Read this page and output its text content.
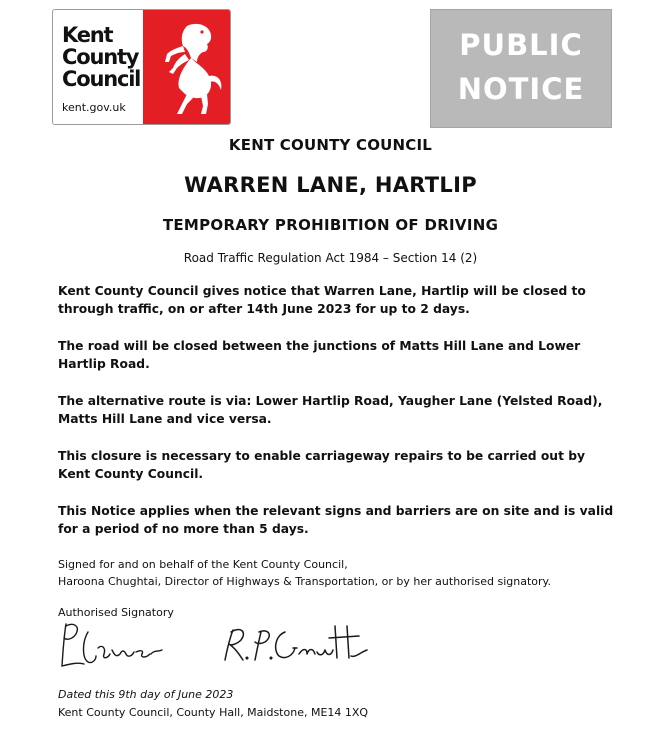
Kent
County
Council
kent.gov.uk
PUBLIC
NOTICE
KENT COUNTY COUNCIL
WARREN LANE, HARTLIP
TEMPORARY PROHIBITION OF DRIVING
Road Traffic Regulation Act 1984 – Section 14 (2)

Kent County Council gives notice that Warren Lane, Hartlip will be closed to through traffic, on or after 14th June 2023 for up to 2 days.

The road will be closed between the junctions of Matts Hill Lane and Lower Hartlip Road.

The alternative route is via: Lower Hartlip Road, Yaugher Lane (Yelsted Road), Matts Hill Lane and vice versa.

This closure is necessary to enable carriageway repairs to be carried out by Kent County Council.

This Notice applies when the relevant signs and barriers are on site and is valid for a period of no more than 5 days.

Signed for and on behalf of the Kent County Council,
Haroona Chughtai, Director of Highways & Transportation, or by her authorised signatory.
Authorised Signatory
Dated this 9th day of June 2023
Kent County Council, County Hall, Maidstone, ME14 1XQ
